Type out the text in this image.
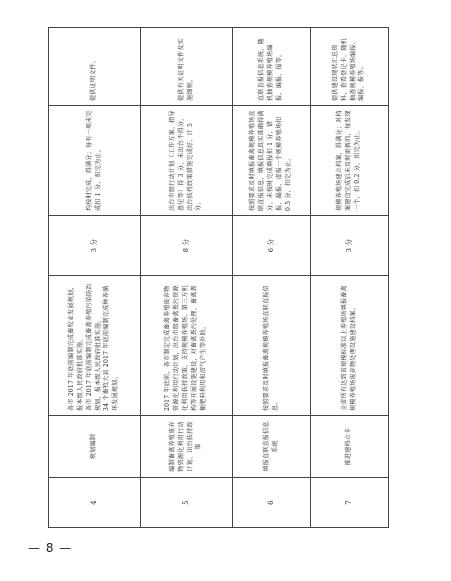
4	规划编制	各市 2017 年底前编制完成畜牧业发展规划，报本级人民政府批准实施。 各市 2017 年底前编制完成畜禽养殖污染防治规划，报本级人民政府批准实施。 34 个畜牧大县 2017 年底前编制完成种养循环发展规划。	3 分	均按时完成，得满分；每有一项未完成扣 1 分，扣完为止。	提供证明文件。
5	编制畜禽养殖废弃物资源化利用行动计划、出台扶持政策	2017 年底前，各市制定完成畜禽养殖废弃物资源化利用行动计划，出台市级畜禽粪污资源化利用扶持政策，支持规模养殖场、第三方机构等开展设施建设，对畜禽粪污处理、畜禽粪便肥料利用和沼气产生等补助。	8 分	出台市级行动计划（工作方案、指导意见等）得 3 分，未出台不得分。出台扶持政策措施完成好，计 5 分。	提供有关证明文件及实施细则。
6	填报直联直报信息系统	按照要求及时填报畜禽规模养殖场直联直报信息。	6 分	按照要求及时填报畜禽规模养殖场直联直报信息，填报信息真实准确得满分。未按时完成填报扣 1 分，错报、漏报、虚报一个规模养殖场扣 0.5 分，扣完为止。	直联直报信息系统，随机抽查规模养殖场编报、编报、报等。
7	推进建档立卡	全省所有达到省规模标准以上养殖场填报畜禽规模养殖场废弃物处理设施建设档案。	3 分	规模养殖场建立档案，得满分；对档案建设完成后未及时更新的，每发现一个，扣 0.2 分，扣完为止。	提供建设现状汇总资料，查看登记卡，随机抽查规模养殖场编报、编报、报等。
— 8 —
